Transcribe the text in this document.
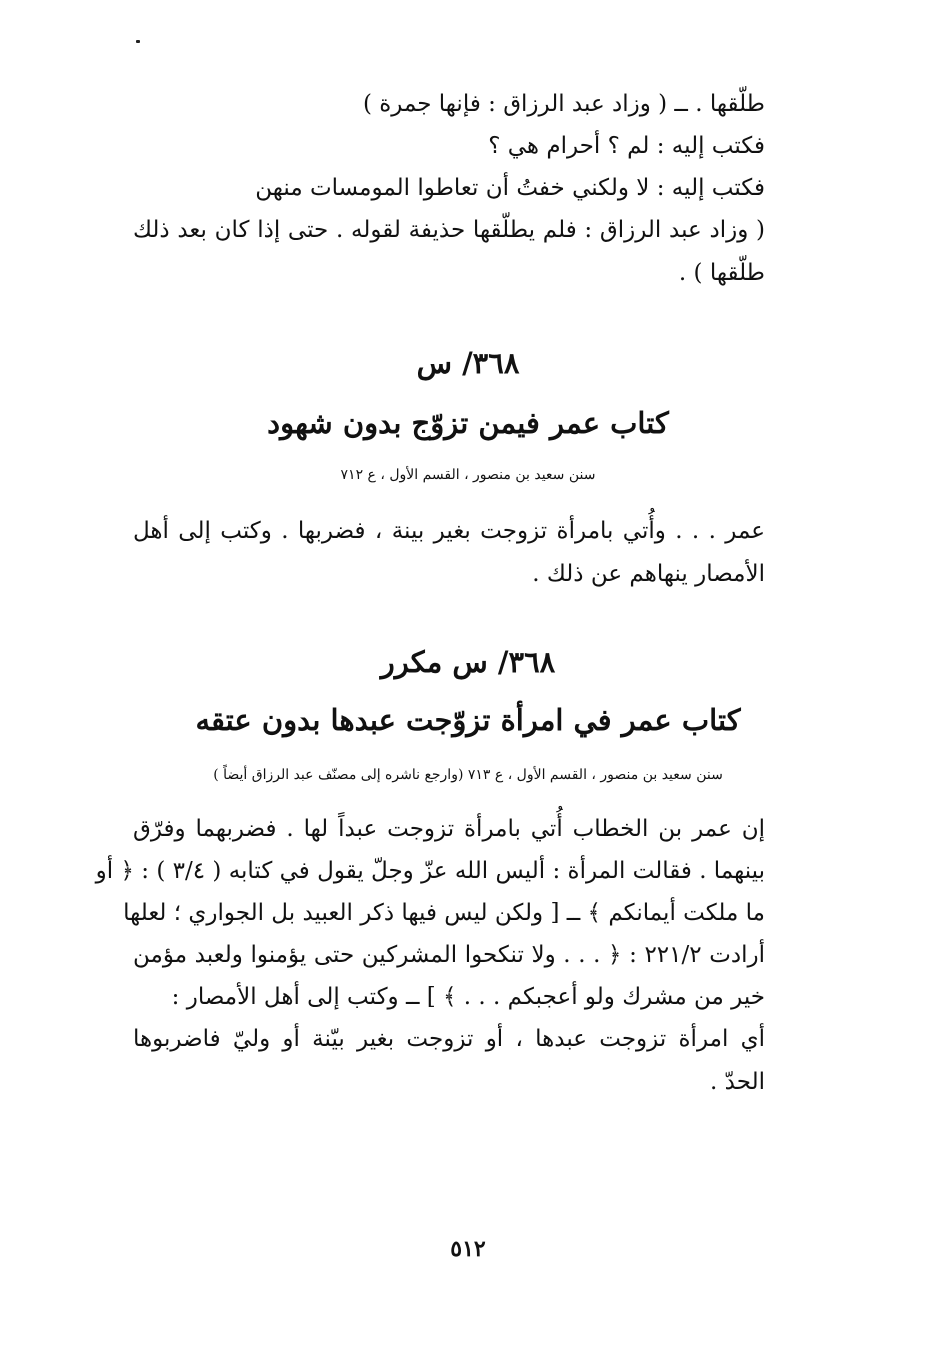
طلّقها . ــ ( وزاد عبد الرزاق : فإنها جمرة )
فكتب إليه : لم ؟ أحرام هي ؟
فكتب إليه : لا ولكني خفتُ أن تعاطوا المومسات منهن
( وزاد عبد الرزاق : فلم يطلّقها حذيفة لقوله . حتى إذا كان بعد ذلك
طلّقها ) .
٣٦٨/ س
كتاب عمر فيمن تزوّج بدون شهود
سنن سعيد بن منصور ، القسم الأول ، ع ٧١٢
عمر . . . وأُتي بامرأة تزوجت بغير بينة ، فضربها . وكتب إلى أهل
الأمصار ينهاهم عن ذلك .
٣٦٨/ س مكرر
كتاب عمر في امرأة تزوّجت عبدها بدون عتقه
سنن سعيد بن منصور ، القسم الأول ، ع ٧١٣ (وارجع ناشره إلى مصنّف عبد الرزاق أيضاً )
إن عمر بن الخطاب أُتي بامرأة تزوجت عبداً لها . فضربهما وفرّق
بينهما . فقالت المرأة : أليس الله عزّ وجلّ يقول في كتابه ( ٣/٤ ) : ﴿ أو
ما ملكت أيمانكم ﴾ ــ [ ولكن ليس فيها ذكر العبيد بل الجواري ؛ لعلها
أرادت ٢٢١/٢ : ﴿ . . . ولا تنكحوا المشركين حتى يؤمنوا ولعبد مؤمن
خير من مشرك ولو أعجبكم . . . ﴾ ] ــ وكتب إلى أهل الأمصار :
أي امرأة تزوجت عبدها ، أو تزوجت بغير بيّنة أو وليّ فاضربوها
الحدّ .
٥١٢
